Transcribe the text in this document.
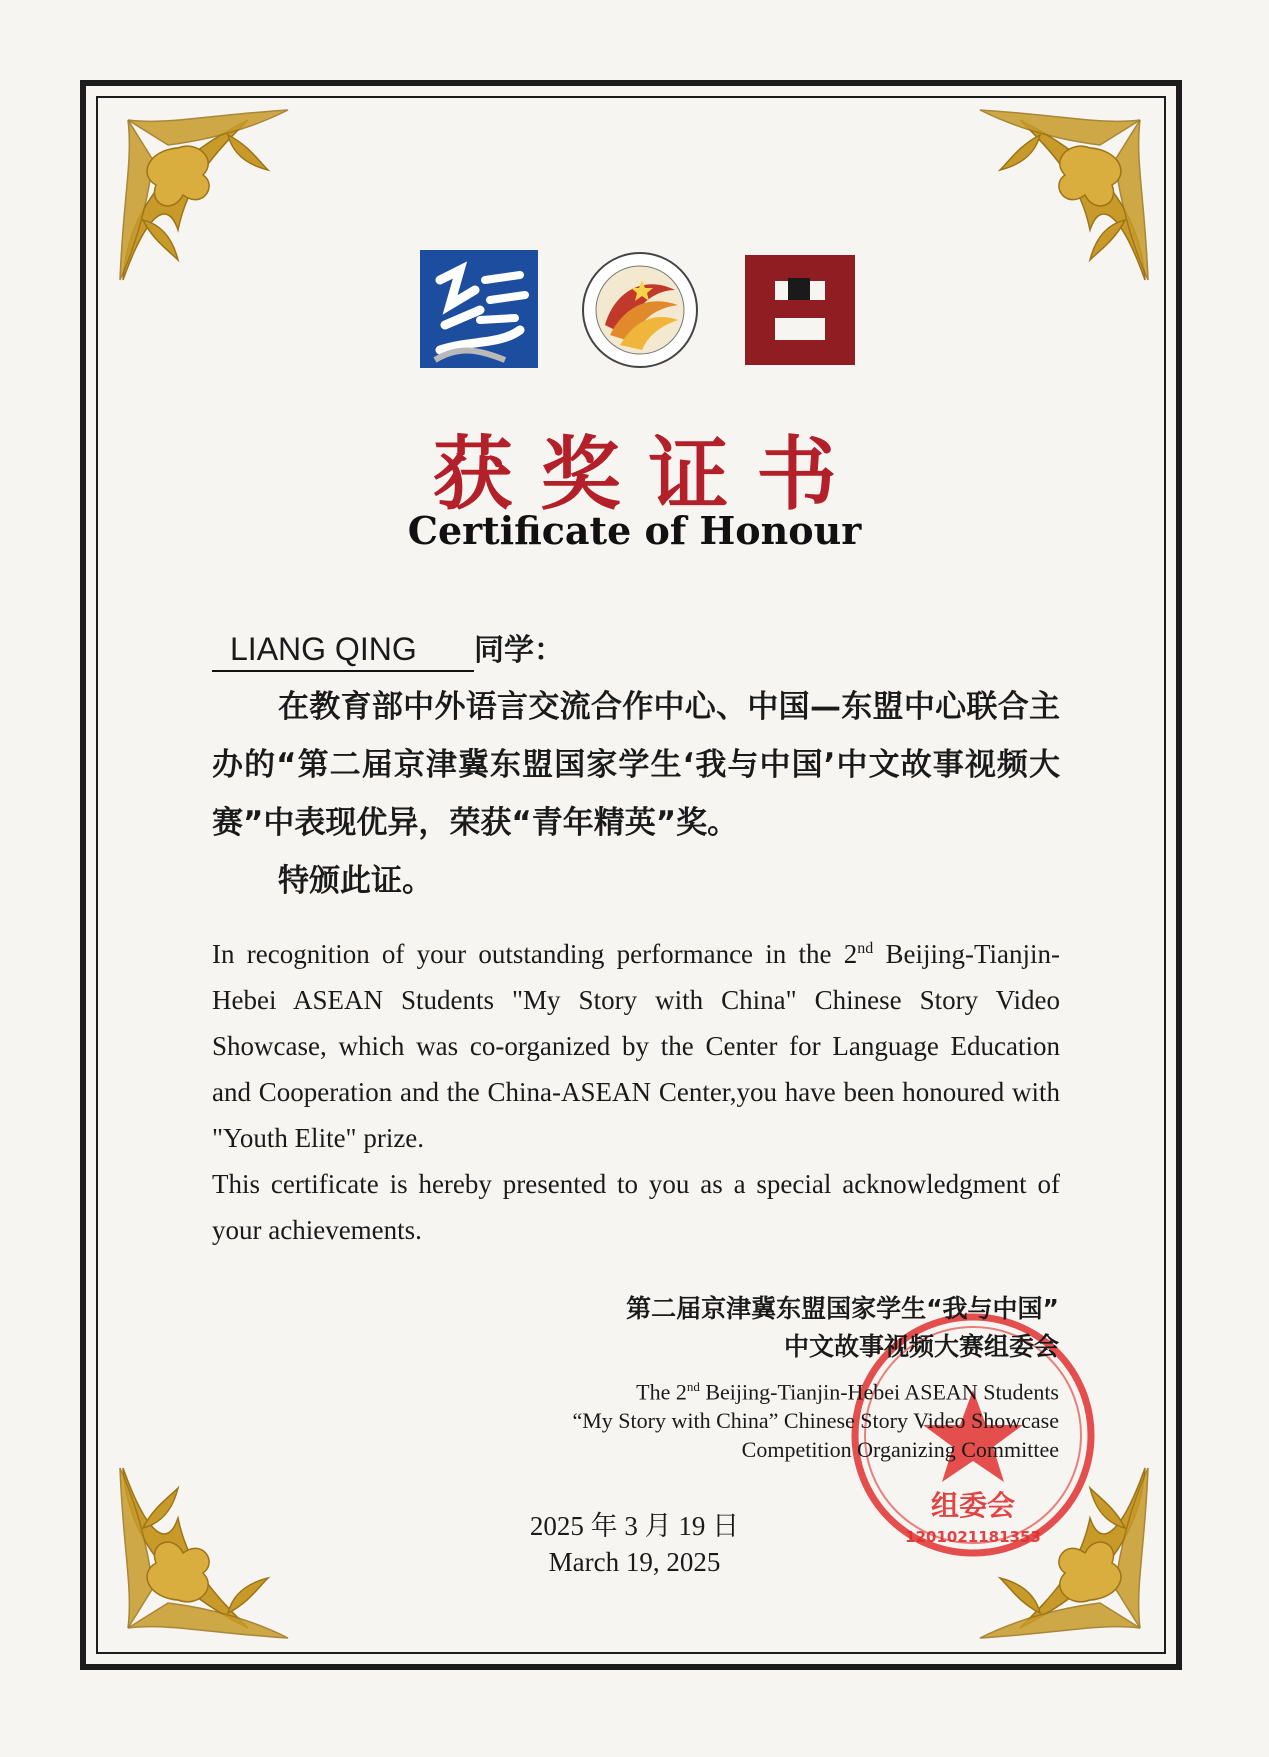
获奖证书
Certificate of Honour
LIANG QING 同学：

在教育部中外语言交流合作中心、中国—东盟中心联合主办的“第二届京津冀东盟国家学生‘我与中国’中文故事视频大赛”中表现优异，荣获“青年精英”奖。

特颁此证。

In recognition of your outstanding performance in the 2nd Beijing-Tianjin-Hebei ASEAN Students "My Story with China" Chinese Story Video Showcase, which was co-organized by the Center for Language Education and Cooperation and the China-ASEAN Center,you have been honoured with "Youth Elite" prize.

This certificate is hereby presented to you as a special acknowledgment of your achievements.

组委会
1201021181353
第二届京津冀东盟国家学生“我与中国”
中文故事视频大赛组委会
The 2nd Beijing-Tianjin-Hebei ASEAN Students
“My Story with China” Chinese Story Video Showcase
Competition Organizing Committee
2025 年 3 月 19 日
March 19, 2025
